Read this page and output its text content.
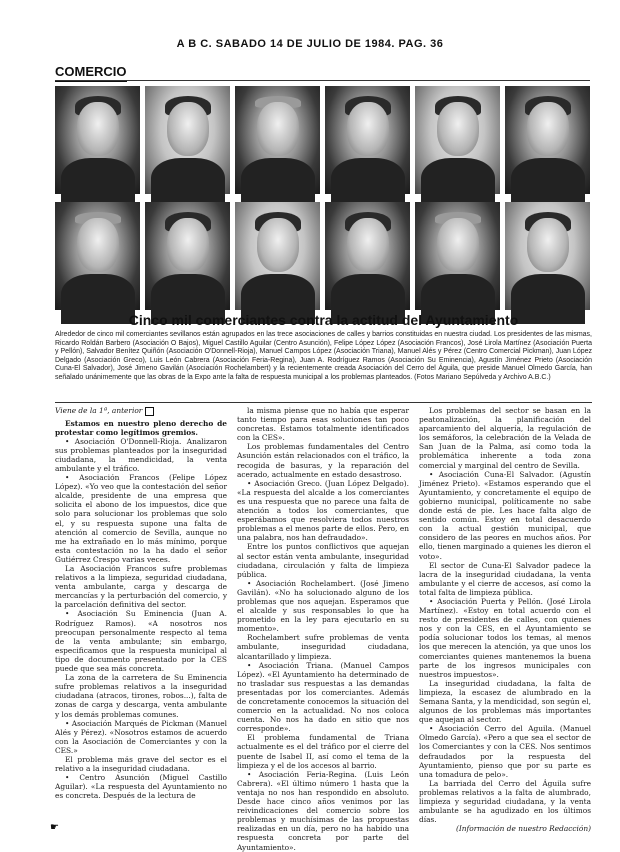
A B C. SABADO 14 DE JULIO DE 1984. PAG. 36
COMERCIO
Cinco mil comerciantes contra la actitud del Ayuntamiento
Alrededor de cinco mil comerciantes sevillanos están agrupados en las trece asociaciones de calles y barrios constituidas en nuestra ciudad. Los presidentes de las mismas, Ricardo Roldán Barbero (Asociación O Bajos), Miguel Castillo Aguilar (Centro Asunción), Felipe López López (Asociación Francos), José Lirola Martínez (Asociación Puerta y Pellón), Salvador Benítez Quiñón (Asociación O'Donnell-Rioja), Manuel Campos López (Asociación Triana), Manuel Alés y Pérez (Centro Comercial Pickman), Juan López Delgado (Asociación Greco), Luis León Cabrera (Asociación Feria-Regina), Juan A. Rodríguez Ramos (Asociación Su Eminencia), Agustín Jiménez Prieto (Asociación Cuna-El Salvador), José Jimeno Gavilán (Asociación Rochelambert) y la recientemente creada Asociación del Cerro del Águila, que preside Manuel Olmedo García, han señalado unánimemente que las obras de la Expo ante la falta de respuesta municipal a los problemas planteados. (Fotos Mariano Sepúlveda y Archivo A.B.C.)

Viene de la 1ª, anterior

Estamos en nuestro pleno derecho de protestar como legítimos gremios.

• Asociación O'Donnell-Rioja. Analizaron sus problemas planteados por la inseguridad ciudadana, la mendicidad, la venta ambulante y el tráfico.

• Asociación Francos (Felipe López López). «Yo veo que la contestación del señor alcalde, presidente de una empresa que solicita el abono de los impuestos, dice que solo para solucionar los problemas que solo el, y su respuesta supone una falta de atención al comercio de Sevilla, aunque no me ha extrañado en lo más mínimo, porque esta contestación no la ha dado el señor Gutiérrez Crespo varias veces.

La Asociación Francos sufre problemas relativos a la limpieza, seguridad ciudadana, venta ambulante, carga y descarga de mercancías y la perturbación del comercio, y la parcelación definitiva del sector.

• Asociación Su Eminencia (Juan A. Rodríguez Ramos). «A nosotros nos preocupan personalmente respecto al tema de la venta ambulante; sin embargo, especificamos que la respuesta municipal al tipo de documento presentado por la CES puede que sea más concreta.

La zona de la carretera de Su Eminencia sufre problemas relativos a la inseguridad ciudadana (atracos, tirones, robos...), falta de zonas de carga y descarga, venta ambulante y los demás problemas comunes.

• Asociación Marqués de Pickman (Manuel Alés y Pérez). «Nosotros estamos de acuerdo con la Asociación de Comerciantes y con la CES.»

El problema más grave del sector es el relativo a la inseguridad ciudadana.

• Centro Asunción (Miguel Castillo Aguilar). «La respuesta del Ayuntamiento no es concreta. Después de la lectura de

la misma piense que no había que esperar tanto tiempo para esas soluciones tan poco concretas. Estamos totalmente identificados con la CES».

Los problemas fundamentales del Centro Asunción están relacionados con el tráfico, la recogida de basuras, y la reparación del acerado, actualmente en estado desastroso.

• Asociación Greco. (Juan López Delgado). «La respuesta del alcalde a los comerciantes es una respuesta que no parece una falta de atención a todos los comerciantes, que esperábamos que resolviera todos nuestros problemas a el menos parte de ellos. Pero, en una palabra, nos han defraudado».

Entre los puntos conflictivos que aquejan al sector están venta ambulante, inseguridad ciudadana, circulación y falta de limpieza pública.

• Asociación Rochelambert. (José Jimeno Gavilán). «No ha solucionado alguno de los problemas que nos aquejan. Esperamos que el alcalde y sus responsables lo que ha prometido en la ley para ejecutarlo en su momento».

Rochelambert sufre problemas de venta ambulante, inseguridad ciudadana, alcantarillado y limpieza.

• Asociación Triana. (Manuel Campos López). «El Ayuntamiento ha determinado de no trasladar sus respuestas a las demandas presentadas por los comerciantes. Además de concretamente conocemos la situación del comercio en la actualidad. No nos coloca cuenta. No nos ha dado en sitio que nos corresponde».

El problema fundamental de Triana actualmente es el del tráfico por el cierre del puente de Isabel II, así como el tema de la limpieza y el de los accesos al barrio.

• Asociación Feria-Regina. (Luis León Cabrera). «El último número 1 hasta que la ventaja no nos han respondido en absoluto. Desde hace cinco años venimos por las reivindicaciones del comercio sobre los problemas y muchísimas de las propuestas realizadas en un día, pero no ha habido una respuesta concreta por parte del Ayuntamiento».

Los problemas del sector se basan en la peatonalización, la planificación del aparcamiento del alquería, la regulación de los semáforos, la celebración de la Velada de San Juan de la Palma, así como toda la problemática inherente a toda zona comercial y marginal del centro de Sevilla.

• Asociación Cuna-El Salvador. (Agustín Jiménez Prieto). «Estamos esperando que el Ayuntamiento, y concretamente el equipo de gobierno municipal, políticamente no sabe donde está de pie. Les hace falta algo de sentido común. Estoy en total desacuerdo con la actual gestión municipal, que considero de las peores en muchos años. Por ello, tienen marginado a quienes les dieron el voto».

El sector de Cuna-El Salvador padece la lacra de la inseguridad ciudadana, la venta ambulante y el cierre de accesos, así como la total falta de limpieza pública.

• Asociación Puerta y Pellón. (José Lirola Martínez). «Estoy en total acuerdo con el resto de presidentes de calles, con quienes nos y con la CES, en el Ayuntamiento se podía solucionar todos los temas, al menos los que merecen la atención, ya que unos los comerciantes quienes mantenemos la buena parte de los ingresos municipales con nuestros impuestos».

La inseguridad ciudadana, la falta de limpieza, la escasez de alumbrado en la Semana Santa, y la mendicidad, son según el, algunos de los problemas más importantes que aquejan al sector.

• Asociación Cerro del Aguila. (Manuel Olmedo García). «Pero a que sea el sector de los Comerciantes y con la CES. Nos sentimos defraudados por la respuesta del Ayuntamiento, pienso que por su parte es una tomadura de pelo».

La barriada del Cerro del Águila sufre problemas relativos a la falta de alumbrado, limpieza y seguridad ciudadana, y la venta ambulante se ha agudizado en los últimos días.

(Información de nuestro Redacción)

☛
